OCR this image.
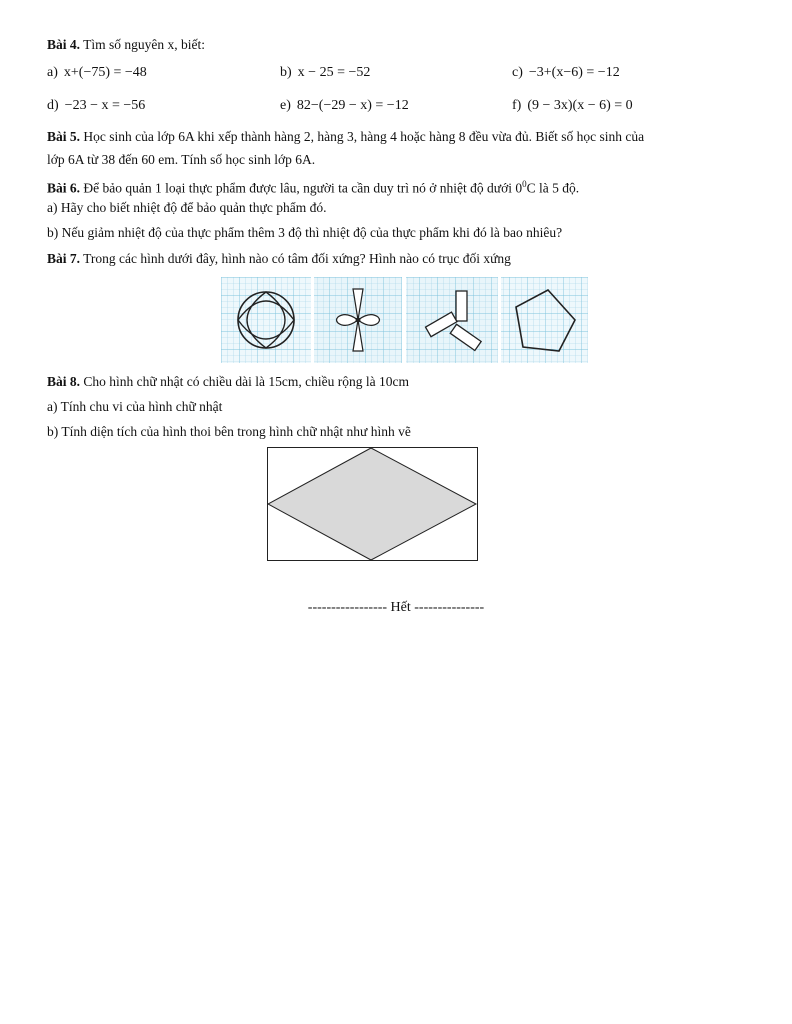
Bài 4. Tìm số nguyên x, biết:
a) x+(−75) = −48	b) x − 25 = −52	c) −3+(x−6) = −12
d) −23 − x = −56	e) 82−(−29 − x) = −12	f) (9 − 3x)(x − 6) = 0
Bài 5. Học sinh của lớp 6A khi xếp thành hàng 2, hàng 3, hàng 4 hoặc hàng 8 đều vừa đủ. Biết số học sinh của
lớp 6A từ 38 đến 60 em. Tính số học sinh lớp 6A.
Bài 6. Để bảo quản 1 loại thực phẩm được lâu, người ta cần duy trì nó ở nhiệt độ dưới $0^0C$ là 5 độ.
a) Hãy cho biết nhiệt độ để bảo quản thực phẩm đó.
b) Nếu giảm nhiệt độ của thực phẩm thêm 3 độ thì nhiệt độ của thực phẩm khi đó là bao nhiêu?
Bài 7. Trong các hình dưới đây, hình nào có tâm đối xứng? Hình nào có trục đối xứng
Bài 8. Cho hình chữ nhật có chiều dài là 15cm, chiều rộng là 10cm
a) Tính chu vi của hình chữ nhật
b) Tính diện tích của hình thoi bên trong hình chữ nhật như hình vẽ
----------------- Hết ---------------
